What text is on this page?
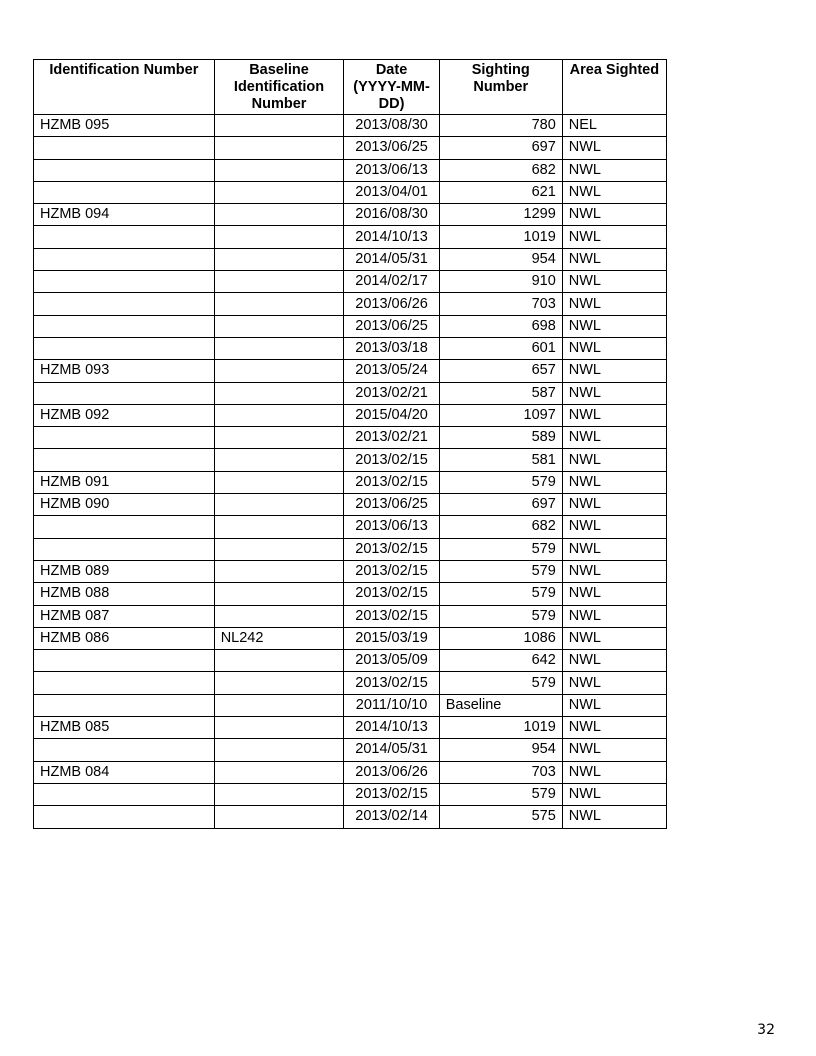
Identification Number	Baseline Identification Number	Date (YYYY-MM-DD)	Sighting Number	Area Sighted
HZMB 095		2013/08/30	780	NEL
		2013/06/25	697	NWL
		2013/06/13	682	NWL
		2013/04/01	621	NWL
HZMB 094		2016/08/30	1299	NWL
		2014/10/13	1019	NWL
		2014/05/31	954	NWL
		2014/02/17	910	NWL
		2013/06/26	703	NWL
		2013/06/25	698	NWL
		2013/03/18	601	NWL
HZMB 093		2013/05/24	657	NWL
		2013/02/21	587	NWL
HZMB 092		2015/04/20	1097	NWL
		2013/02/21	589	NWL
		2013/02/15	581	NWL
HZMB 091		2013/02/15	579	NWL
HZMB 090		2013/06/25	697	NWL
		2013/06/13	682	NWL
		2013/02/15	579	NWL
HZMB 089		2013/02/15	579	NWL
HZMB 088		2013/02/15	579	NWL
HZMB 087		2013/02/15	579	NWL
HZMB 086	NL242	2015/03/19	1086	NWL
		2013/05/09	642	NWL
		2013/02/15	579	NWL
		2011/10/10	Baseline	NWL
HZMB 085		2014/10/13	1019	NWL
		2014/05/31	954	NWL
HZMB 084		2013/06/26	703	NWL
		2013/02/15	579	NWL
		2013/02/14	575	NWL
32
